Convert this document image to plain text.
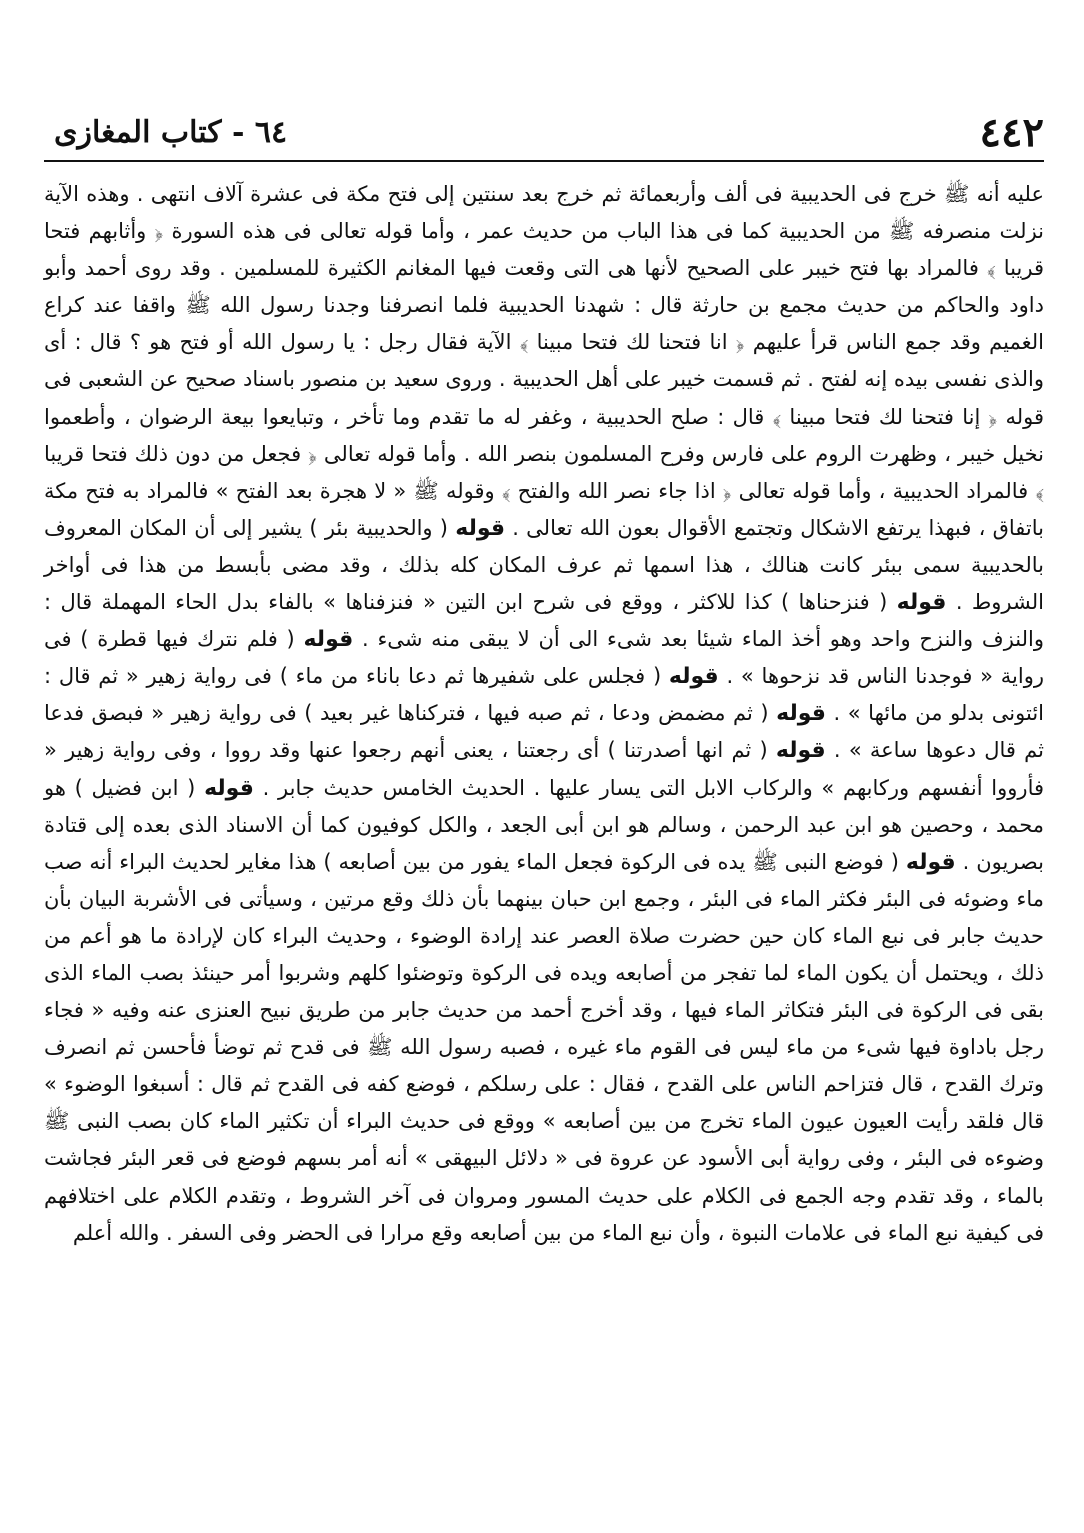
٤٤٢
٦٤ - كتاب المغازى

عليه أنه ﷺ خرج فى الحديبية فى ألف وأربعمائة ثم خرج بعد سنتين إلى فتح مكة فى عشرة آلاف انتهى . وهذه الآية نزلت منصرفه ﷺ من الحديبية كما فى هذا الباب من حديث عمر ، وأما قوله تعالى فى هذه السورة ﴿ وأثابهم فتحا قريبا ﴾ فالمراد بها فتح خيبر على الصحيح لأنها هى التى وقعت فيها المغانم الكثيرة للمسلمين . وقد روى أحمد وأبو داود والحاكم من حديث مجمع بن حارثة قال : شهدنا الحديبية فلما انصرفنا وجدنا رسول الله ﷺ واقفا عند كراع الغميم وقد جمع الناس قرأ عليهم ﴿ انا فتحنا لك فتحا مبينا ﴾ الآية فقال رجل : يا رسول الله أو فتح هو ؟ قال : أى والذى نفسى بيده إنه لفتح . ثم قسمت خيبر على أهل الحديبية . وروى سعيد بن منصور باسناد صحيح عن الشعبى فى قوله ﴿ إنا فتحنا لك فتحا مبينا ﴾ قال : صلح الحديبية ، وغفر له ما تقدم وما تأخر ، وتبايعوا بيعة الرضوان ، وأطعموا نخيل خيبر ، وظهرت الروم على فارس وفرح المسلمون بنصر الله . وأما قوله تعالى ﴿ فجعل من دون ذلك فتحا قريبا ﴾ فالمراد الحديبية ، وأما قوله تعالى ﴿ اذا جاء نصر الله والفتح ﴾ وقوله ﷺ « لا هجرة بعد الفتح » فالمراد به فتح مكة باتفاق ، فبهذا يرتفع الاشكال وتجتمع الأقوال بعون الله تعالى . قوله ( والحديبية بئر ) يشير إلى أن المكان المعروف بالحديبية سمى ببئر كانت هنالك ، هذا اسمها ثم عرف المكان كله بذلك ، وقد مضى بأبسط من هذا فى أواخر الشروط . قوله ( فنزحناها ) كذا للاكثر ، ووقع فى شرح ابن التين « فنزفناها » بالفاء بدل الحاء المهملة قال : والنزف والنزح واحد وهو أخذ الماء شيئا بعد شىء الى أن لا يبقى منه شىء . قوله ( فلم نترك فيها قطرة ) فى رواية « فوجدنا الناس قد نزحوها » . قوله ( فجلس على شفيرها ثم دعا باناء من ماء ) فى رواية زهير « ثم قال : ائتونى بدلو من مائها » . قوله ( ثم مضمض ودعا ، ثم صبه فيها ، فتركناها غير بعيد ) فى رواية زهير « فبصق فدعا ثم قال دعوها ساعة » . قوله ( ثم انها أصدرتنا ) أى رجعتنا ، يعنى أنهم رجعوا عنها وقد رووا ، وفى رواية زهير « فأرووا أنفسهم وركابهم » والركاب الابل التى يسار عليها . الحديث الخامس حديث جابر . قوله ( ابن فضيل ) هو محمد ، وحصين هو ابن عبد الرحمن ، وسالم هو ابن أبى الجعد ، والكل كوفيون كما أن الاسناد الذى بعده إلى قتادة بصريون . قوله ( فوضع النبى ﷺ يده فى الركوة فجعل الماء يفور من بين أصابعه ) هذا مغاير لحديث البراء أنه صب ماء وضوئه فى البئر فكثر الماء فى البئر ، وجمع ابن حبان بينهما بأن ذلك وقع مرتين ، وسيأتى فى الأشربة البيان بأن حديث جابر فى نبع الماء كان حين حضرت صلاة العصر عند إرادة الوضوء ، وحديث البراء كان لإرادة ما هو أعم من ذلك ، ويحتمل أن يكون الماء لما تفجر من أصابعه ويده فى الركوة وتوضئوا كلهم وشربوا أمر حينئذ بصب الماء الذى بقى فى الركوة فى البئر فتكاثر الماء فيها ، وقد أخرج أحمد من حديث جابر من طريق نبيح العنزى عنه وفيه « فجاء رجل باداوة فيها شىء من ماء ليس فى القوم ماء غيره ، فصبه رسول الله ﷺ فى قدح ثم توضأ فأحسن ثم انصرف وترك القدح ، قال فتزاحم الناس على القدح ، فقال : على رسلكم ، فوضع كفه فى القدح ثم قال : أسبغوا الوضوء » قال فلقد رأيت العيون عيون الماء تخرج من بين أصابعه » ووقع فى حديث البراء أن تكثير الماء كان بصب النبى ﷺ وضوءه فى البئر ، وفى رواية أبى الأسود عن عروة فى « دلائل البيهقى » أنه أمر بسهم فوضع فى قعر البئر فجاشت بالماء ، وقد تقدم وجه الجمع فى الكلام على حديث المسور ومروان فى آخر الشروط ، وتقدم الكلام على اختلافهم فى كيفية نبع الماء فى علامات النبوة ، وأن نبع الماء من بين أصابعه وقع مرارا فى الحضر وفى السفر . والله أعلم
